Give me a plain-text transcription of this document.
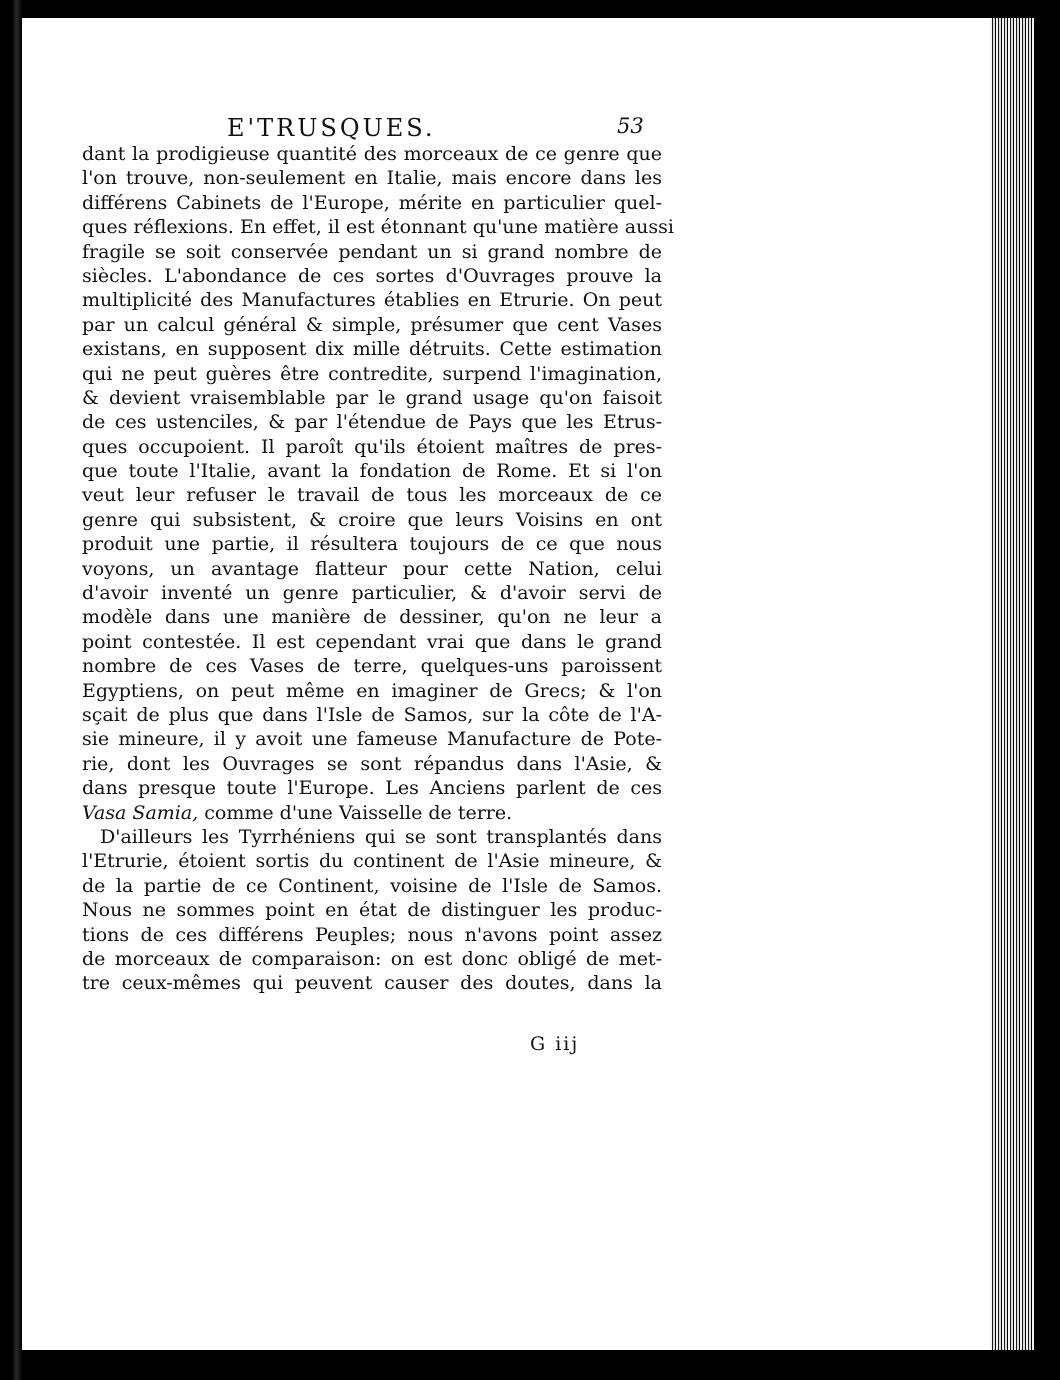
E'TRUSQUES.	53
dant la prodigieuse quantité des morceaux de ce genre que
l'on trouve, non-seulement en Italie, mais encore dans les
différens Cabinets de l'Europe, mérite en particulier quel-
ques réflexions. En effet, il est étonnant qu'une matière aussi
fragile se soit conservée pendant un si grand nombre de
siècles. L'abondance de ces sortes d'Ouvrages prouve la
multiplicité des Manufactures établies en Etrurie. On peut
par un calcul général & simple, présumer que cent Vases
existans, en supposent dix mille détruits. Cette estimation
qui ne peut guères être contredite, surpend l'imagination,
& devient vraisemblable par le grand usage qu'on faisoit
de ces ustenciles, & par l'étendue de Pays que les Etrus-
ques occupoient. Il paroît qu'ils étoient maîtres de pres-
que toute l'Italie, avant la fondation de Rome. Et si l'on
veut leur refuser le travail de tous les morceaux de ce
genre qui subsistent, & croire que leurs Voisins en ont
produit une partie, il résultera toujours de ce que nous
voyons, un avantage flatteur pour cette Nation, celui
d'avoir inventé un genre particulier, & d'avoir servi de
modèle dans une manière de dessiner, qu'on ne leur a
point contestée. Il est cependant vrai que dans le grand
nombre de ces Vases de terre, quelques-uns paroissent
Egyptiens, on peut même en imaginer de Grecs; & l'on
sçait de plus que dans l'Isle de Samos, sur la côte de l'A-
sie mineure, il y avoit une fameuse Manufacture de Pote-
rie, dont les Ouvrages se sont répandus dans l'Asie, &
dans presque toute l'Europe. Les Anciens parlent de ces
Vasa Samia, comme d'une Vaisselle de terre.
D'ailleurs les Tyrrhéniens qui se sont transplantés dans
l'Etrurie, étoient sortis du continent de l'Asie mineure, &
de la partie de ce Continent, voisine de l'Isle de Samos.
Nous ne sommes point en état de distinguer les produc-
tions de ces différens Peuples; nous n'avons point assez
de morceaux de comparaison: on est donc obligé de met-
tre ceux-mêmes qui peuvent causer des doutes, dans la
G iij
